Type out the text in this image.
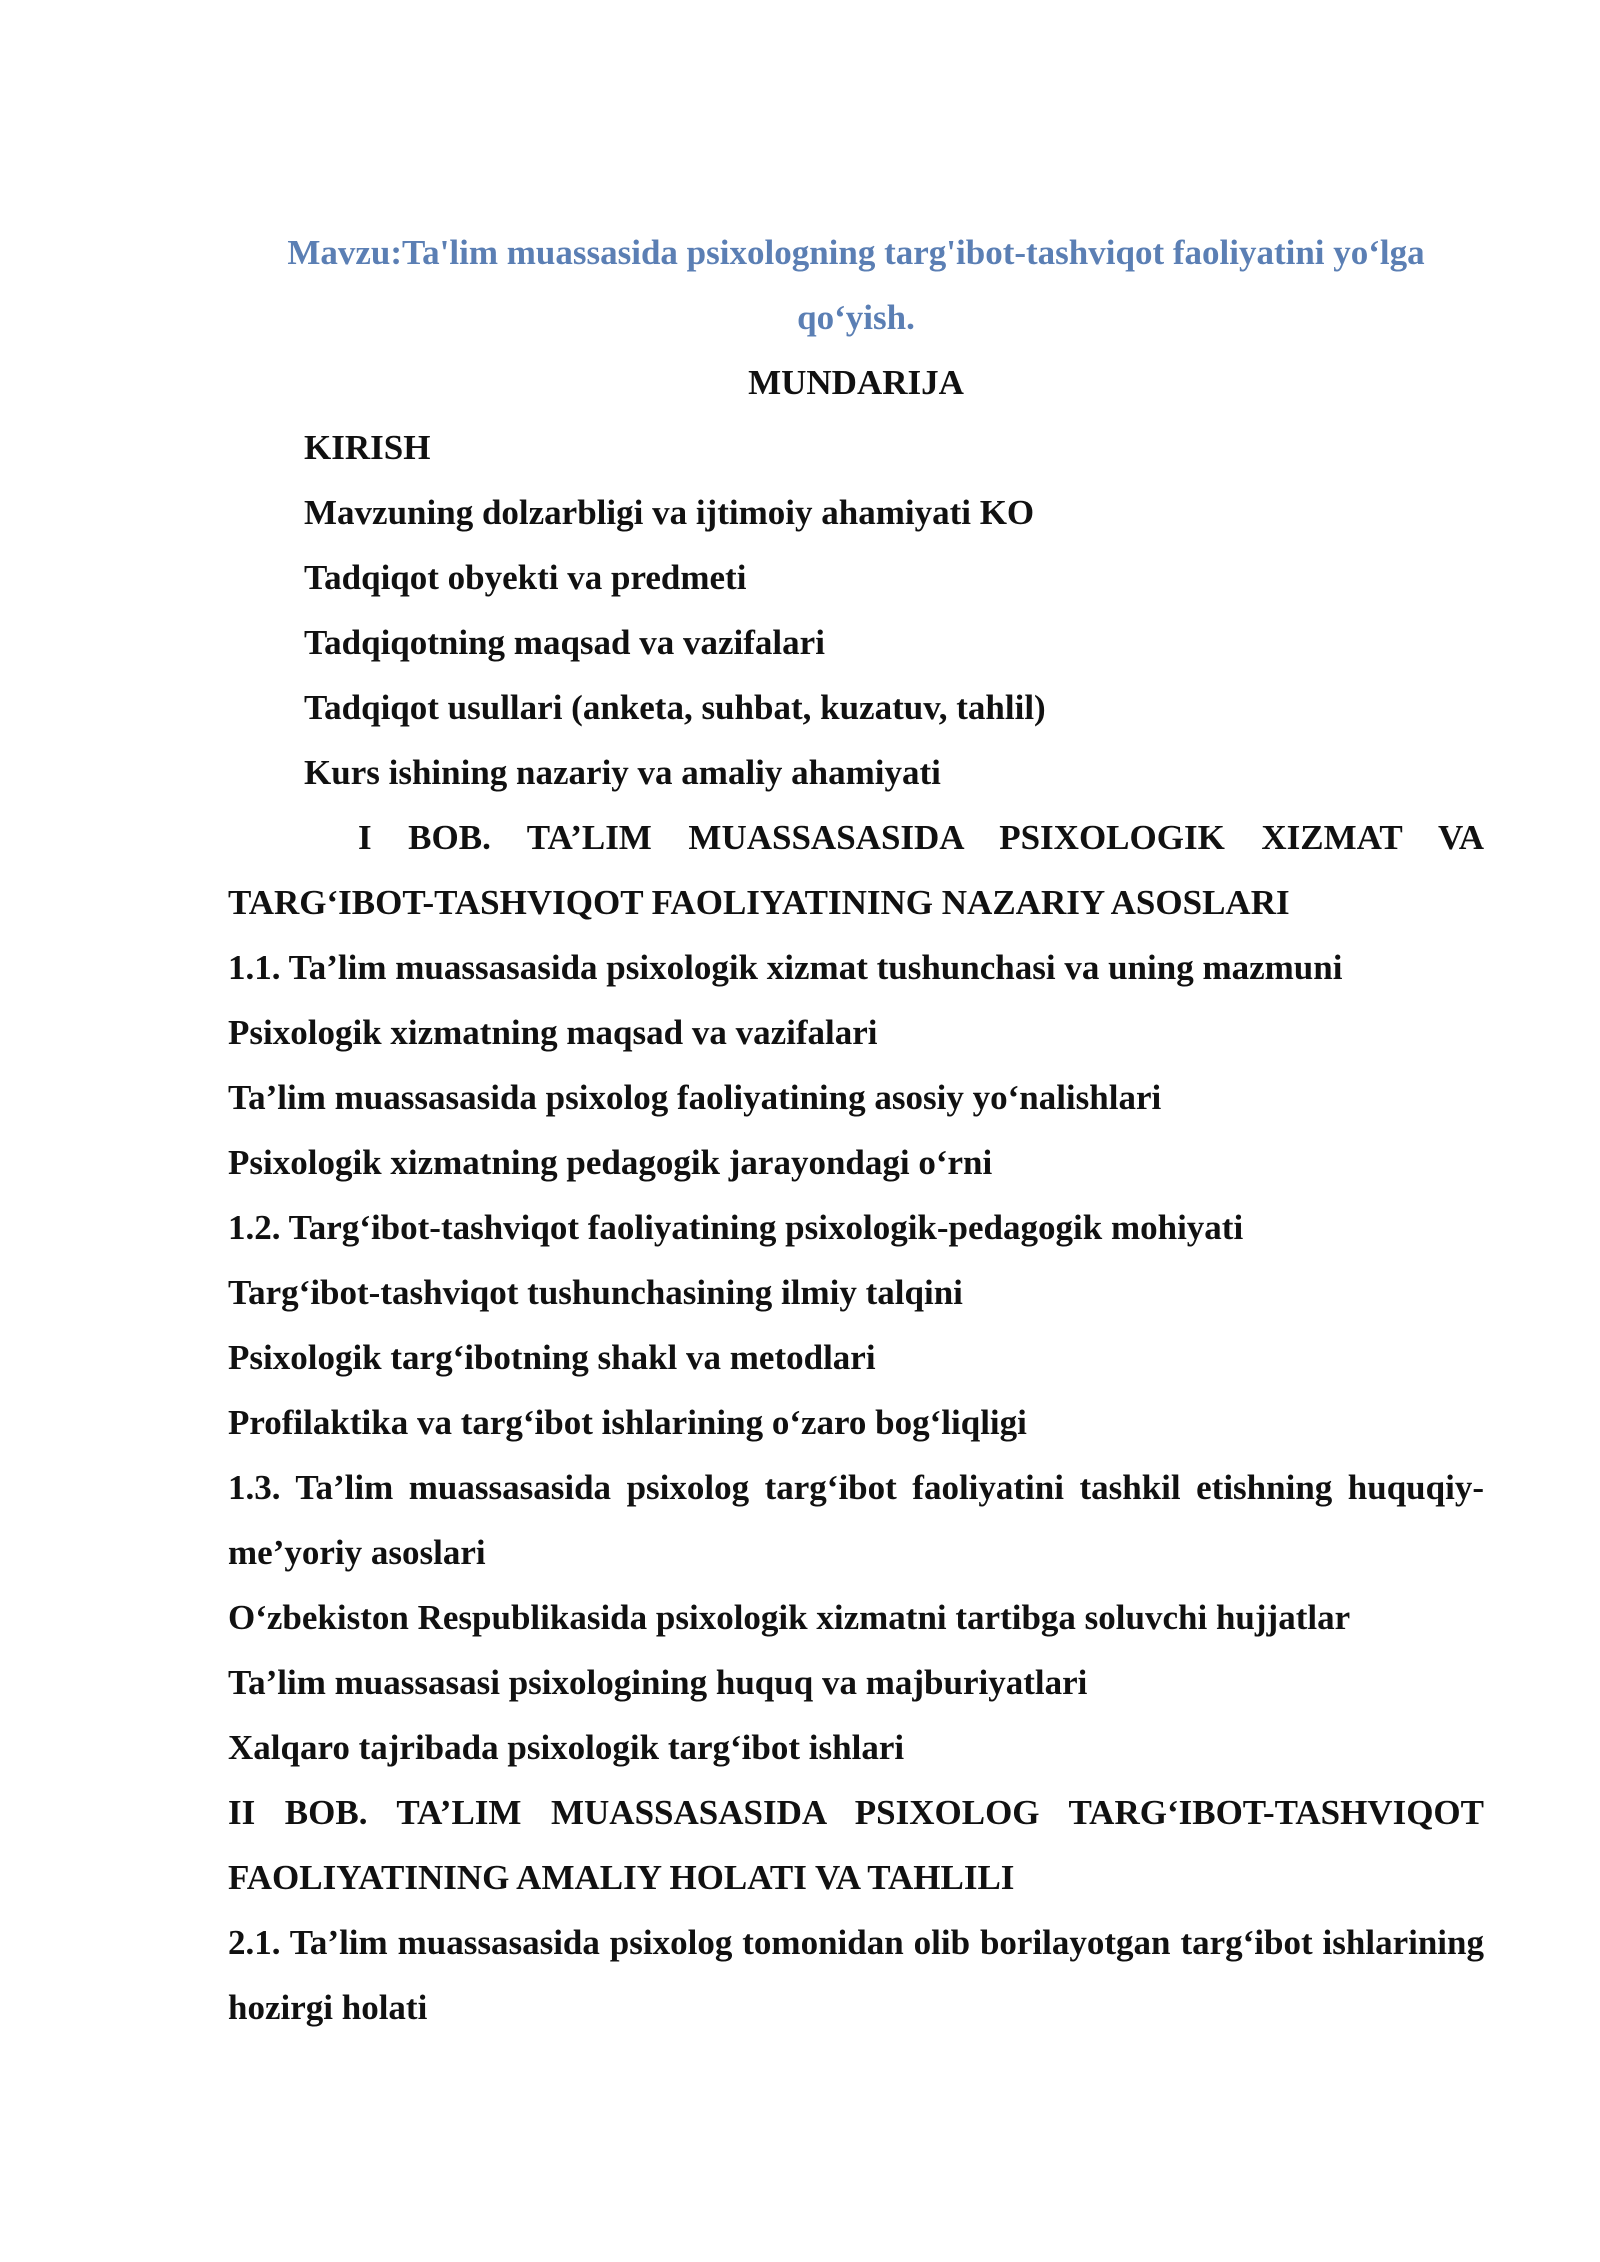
Mavzu:Ta'lim muassasida psixologning targ'ibot-tashviqot faoliyatini yo‘lga qo‘yish.
MUNDARIJA
KIRISH
Mavzuning dolzarbligi va ijtimoiy ahamiyati KO
Tadqiqot obyekti va predmeti
Tadqiqotning maqsad va vazifalari
Tadqiqot usullari (anketa, suhbat, kuzatuv, tahlil)
Kurs ishining nazariy va amaliy ahamiyati
I BOB. TA’LIM MUASSASASIDA PSIXOLOGIK XIZMAT VA TARG‘IBOT-TASHVIQOT FAOLIYATINING NAZARIY ASOSLARI
1.1. Ta’lim muassasasida psixologik xizmat tushunchasi va uning mazmuni
Psixologik xizmatning maqsad va vazifalari
Ta’lim muassasasida psixolog faoliyatining asosiy yo‘nalishlari
Psixologik xizmatning pedagogik jarayondagi o‘rni
1.2. Targ‘ibot-tashviqot faoliyatining psixologik-pedagogik mohiyati
Targ‘ibot-tashviqot tushunchasining ilmiy talqini
Psixologik targ‘ibotning shakl va metodlari
Profilaktika va targ‘ibot ishlarining o‘zaro bog‘liqligi
1.3. Ta’lim muassasasida psixolog targ‘ibot faoliyatini tashkil etishning huquqiy-me’yoriy asoslari
O‘zbekiston Respublikasida psixologik xizmatni tartibga soluvchi hujjatlar
Ta’lim muassasasi psixologining huquq va majburiyatlari
Xalqaro tajribada psixologik targ‘ibot ishlari
II BOB. TA’LIM MUASSASASIDA PSIXOLOG TARG‘IBOT-TASHVIQOT FAOLIYATINING AMALIY HOLATI VA TAHLILI
2.1. Ta’lim muassasasida psixolog tomonidan olib borilayotgan targ‘ibot ishlarining hozirgi holati
